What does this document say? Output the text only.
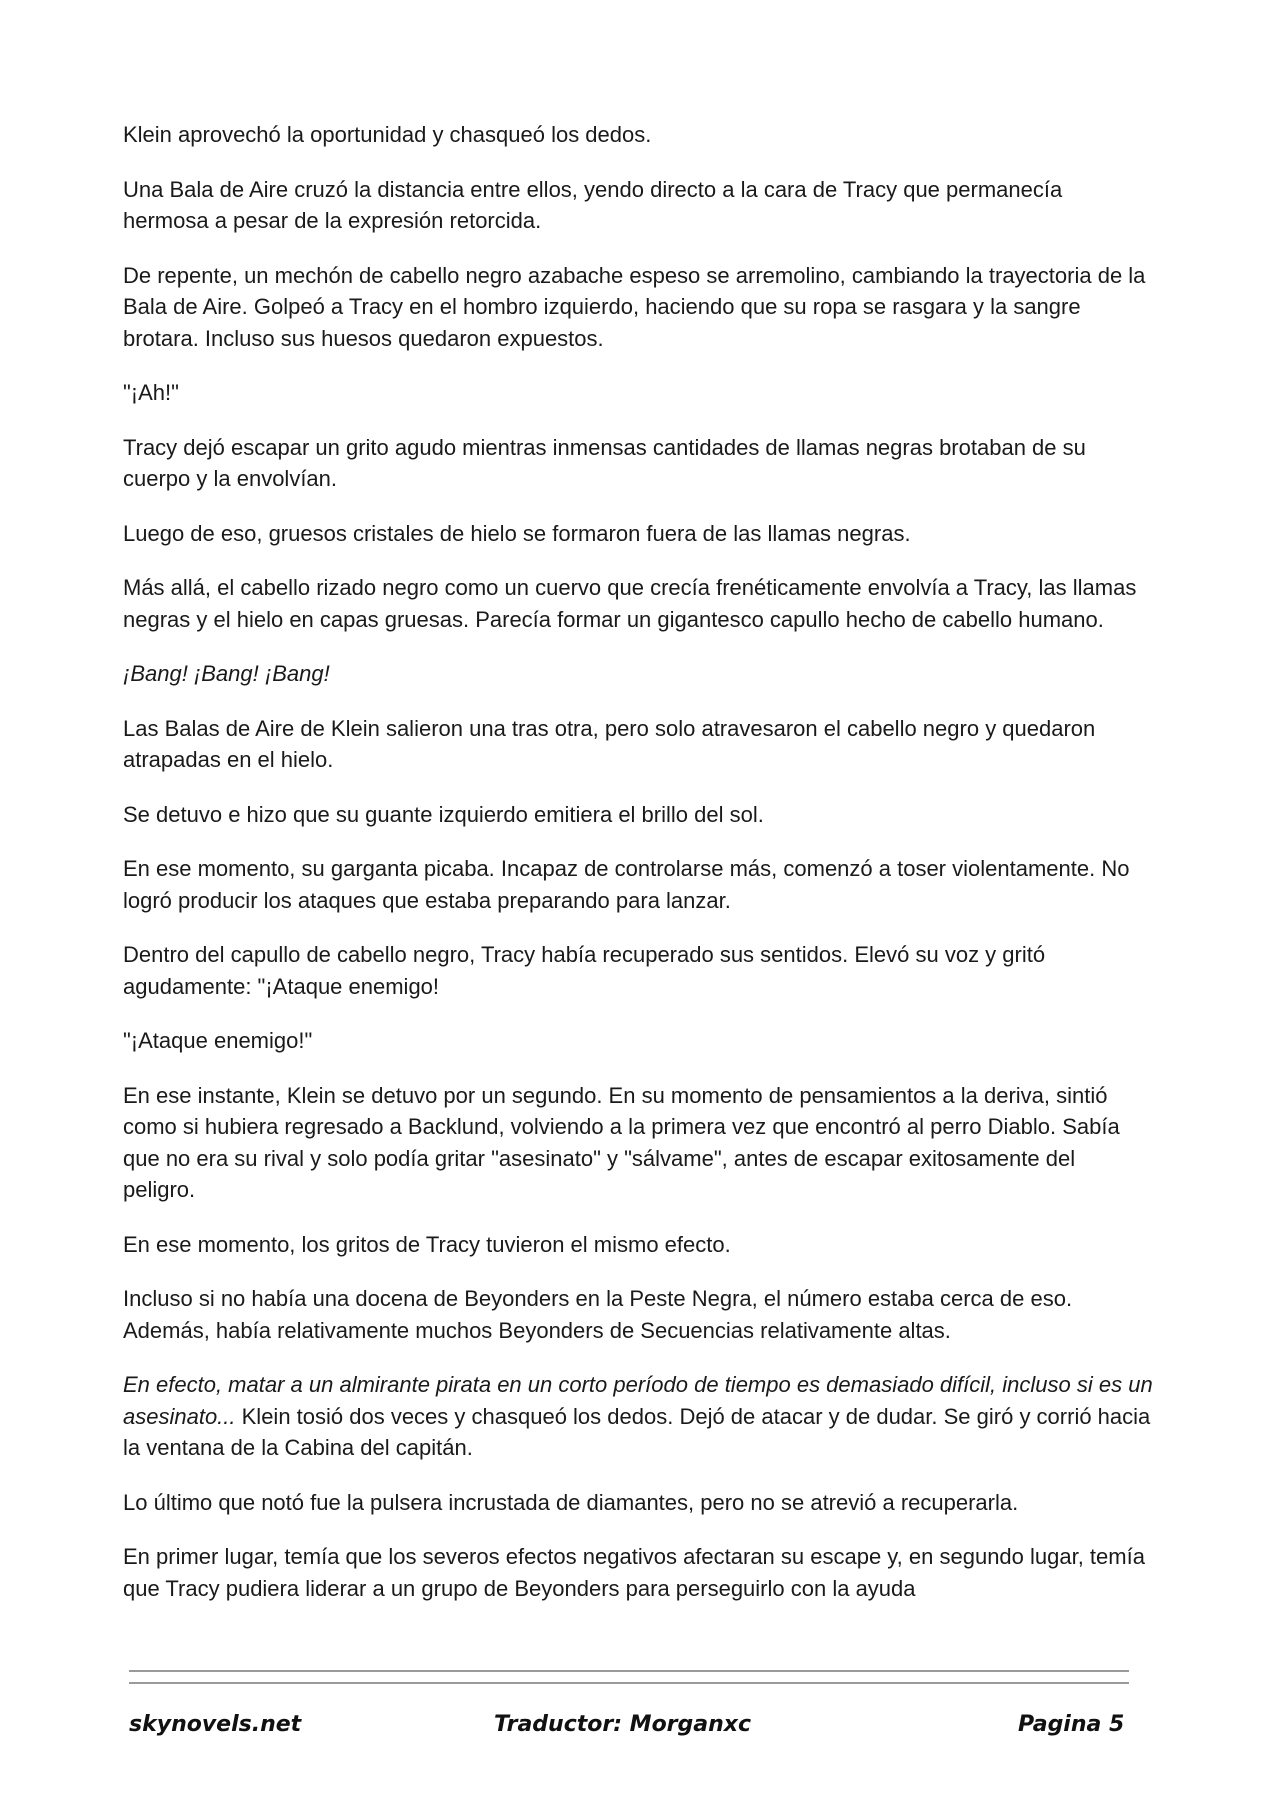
Klein aprovechó la oportunidad y chasqueó los dedos.

Una Bala de Aire cruzó la distancia entre ellos, yendo directo a la cara de Tracy que permanecía hermosa a pesar de la expresión retorcida.

De repente, un mechón de cabello negro azabache espeso se arremolino, cambiando la trayectoria de la Bala de Aire. Golpeó a Tracy en el hombro izquierdo, haciendo que su ropa se rasgara y la sangre brotara. Incluso sus huesos quedaron expuestos.

"¡Ah!"

Tracy dejó escapar un grito agudo mientras inmensas cantidades de llamas negras brotaban de su cuerpo y la envolvían.

Luego de eso, gruesos cristales de hielo se formaron fuera de las llamas negras.

Más allá, el cabello rizado negro como un cuervo que crecía frenéticamente envolvía a Tracy, las llamas negras y el hielo en capas gruesas. Parecía formar un gigantesco capullo hecho de cabello humano.

¡Bang! ¡Bang! ¡Bang!

Las Balas de Aire de Klein salieron una tras otra, pero solo atravesaron el cabello negro y quedaron atrapadas en el hielo.

Se detuvo e hizo que su guante izquierdo emitiera el brillo del sol.

En ese momento, su garganta picaba. Incapaz de controlarse más, comenzó a toser violentamente. No logró producir los ataques que estaba preparando para lanzar.

Dentro del capullo de cabello negro, Tracy había recuperado sus sentidos. Elevó su voz y gritó agudamente: "¡Ataque enemigo!

"¡Ataque enemigo!"

En ese instante, Klein se detuvo por un segundo. En su momento de pensamientos a la deriva, sintió como si hubiera regresado a Backlund, volviendo a la primera vez que encontró al perro Diablo. Sabía que no era su rival y solo podía gritar "asesinato" y "sálvame", antes de escapar exitosamente del peligro.

En ese momento, los gritos de Tracy tuvieron el mismo efecto.

Incluso si no había una docena de Beyonders en la Peste Negra, el número estaba cerca de eso. Además, había relativamente muchos Beyonders de Secuencias relativamente altas.

En efecto, matar a un almirante pirata en un corto período de tiempo es demasiado difícil, incluso si es un asesinato... Klein tosió dos veces y chasqueó los dedos. Dejó de atacar y de dudar. Se giró y corrió hacia la ventana de la Cabina del capitán.

Lo último que notó fue la pulsera incrustada de diamantes, pero no se atrevió a recuperarla.

En primer lugar, temía que los severos efectos negativos afectaran su escape y, en segundo lugar, temía que Tracy pudiera liderar a un grupo de Beyonders para perseguirlo con la ayuda

skynovels.net	Traductor: Morganxc	Pagina 5
